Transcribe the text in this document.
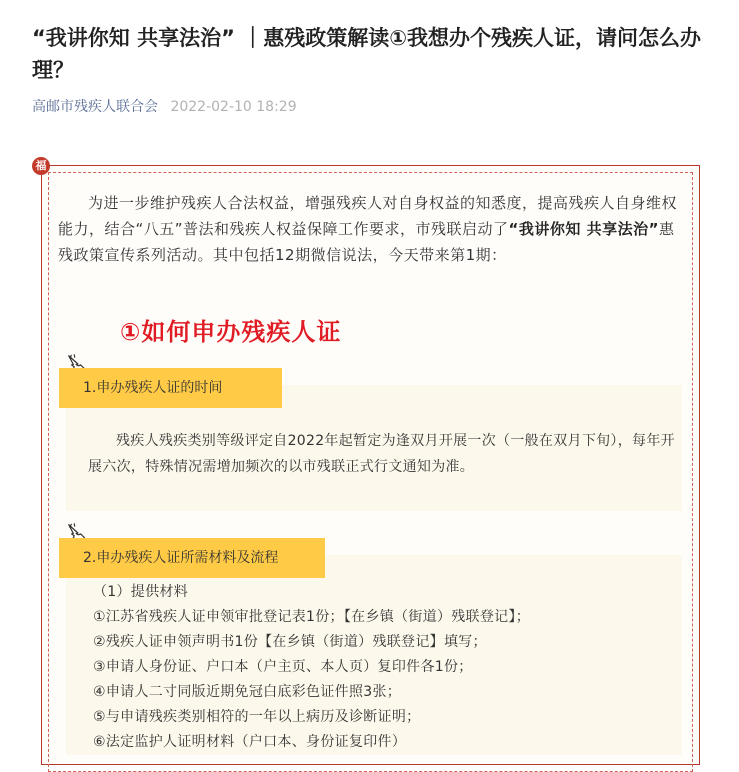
“我讲你知 共享法治” ｜惠残政策解读①我想办个残疾人证，请问怎么办理？
高邮市残疾人联合会 2022-02-10 18:29
福
为进一步维护残疾人合法权益，增强残疾人对自身权益的知悉度，提高残疾人自身维权能力，结合“八五”普法和残疾人权益保障工作要求，市残联启动了“我讲你知 共享法治”惠残政策宣传系列活动。其中包括12期微信说法，今天带来第1期：
①如何申办残疾人证
1.申办残疾人证的时间
残疾人残疾类别等级评定自2022年起暂定为逢双月开展一次（一般在双月下旬），每年开展六次，特殊情况需增加频次的以市残联正式行文通知为准。
2.申办残疾人证所需材料及流程
（1）提供材料
①江苏省残疾人证申领审批登记表1份；【在乡镇（街道）残联登记】；
②残疾人证申领声明书1份【在乡镇（街道）残联登记】填写；
③申请人身份证、户口本（户主页、本人页）复印件各1份；
④申请人二寸同版近期免冠白底彩色证件照3张；
⑤与申请残疾类别相符的一年以上病历及诊断证明；
⑥法定监护人证明材料（户口本、身份证复印件）
